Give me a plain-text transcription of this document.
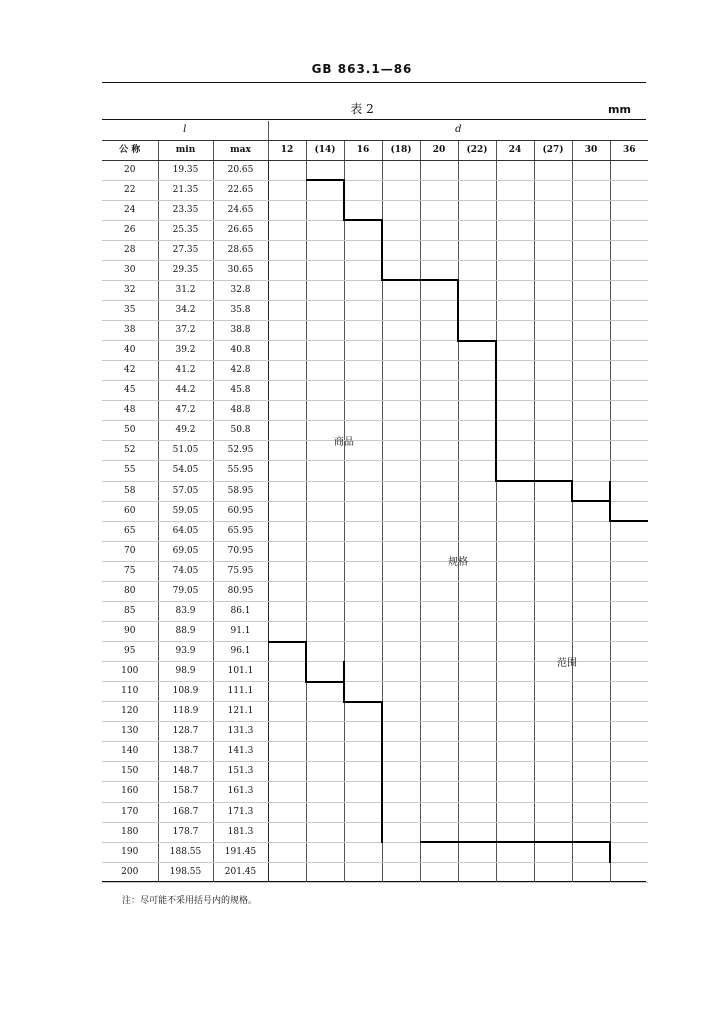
GB 863.1—86
表 2	mm
l			d									
公 称	min	max	12	(14)	16	(18)	20	(22)	24	(27)	30	36
20	19.35	20.65										
22	21.35	22.65										
24	23.35	24.65										
26	25.35	26.65										
28	27.35	28.65										
30	29.35	30.65										
32	31.2	32.8										
35	34.2	35.8										
38	37.2	38.8										
40	39.2	40.8										
42	41.2	42.8										
45	44.2	45.8										
48	47.2	48.8										
50	49.2	50.8										
52	51.05	52.95										
55	54.05	55.95										
58	57.05	58.95										
60	59.05	60.95										
65	64.05	65.95										
70	69.05	70.95										
75	74.05	75.95										
80	79.05	80.95										
85	83.9	86.1										
90	88.9	91.1										
95	93.9	96.1										
100	98.9	101.1										
110	108.9	111.1										
120	118.9	121.1										
130	128.7	131.3										
140	138.7	141.3										
150	148.7	151.3										
160	158.7	161.3										
170	168.7	171.3										
180	178.7	181.3										
190	188.55	191.45										
200	198.55	201.45										
商品
规格
范围
注：尽可能不采用括号内的规格。
